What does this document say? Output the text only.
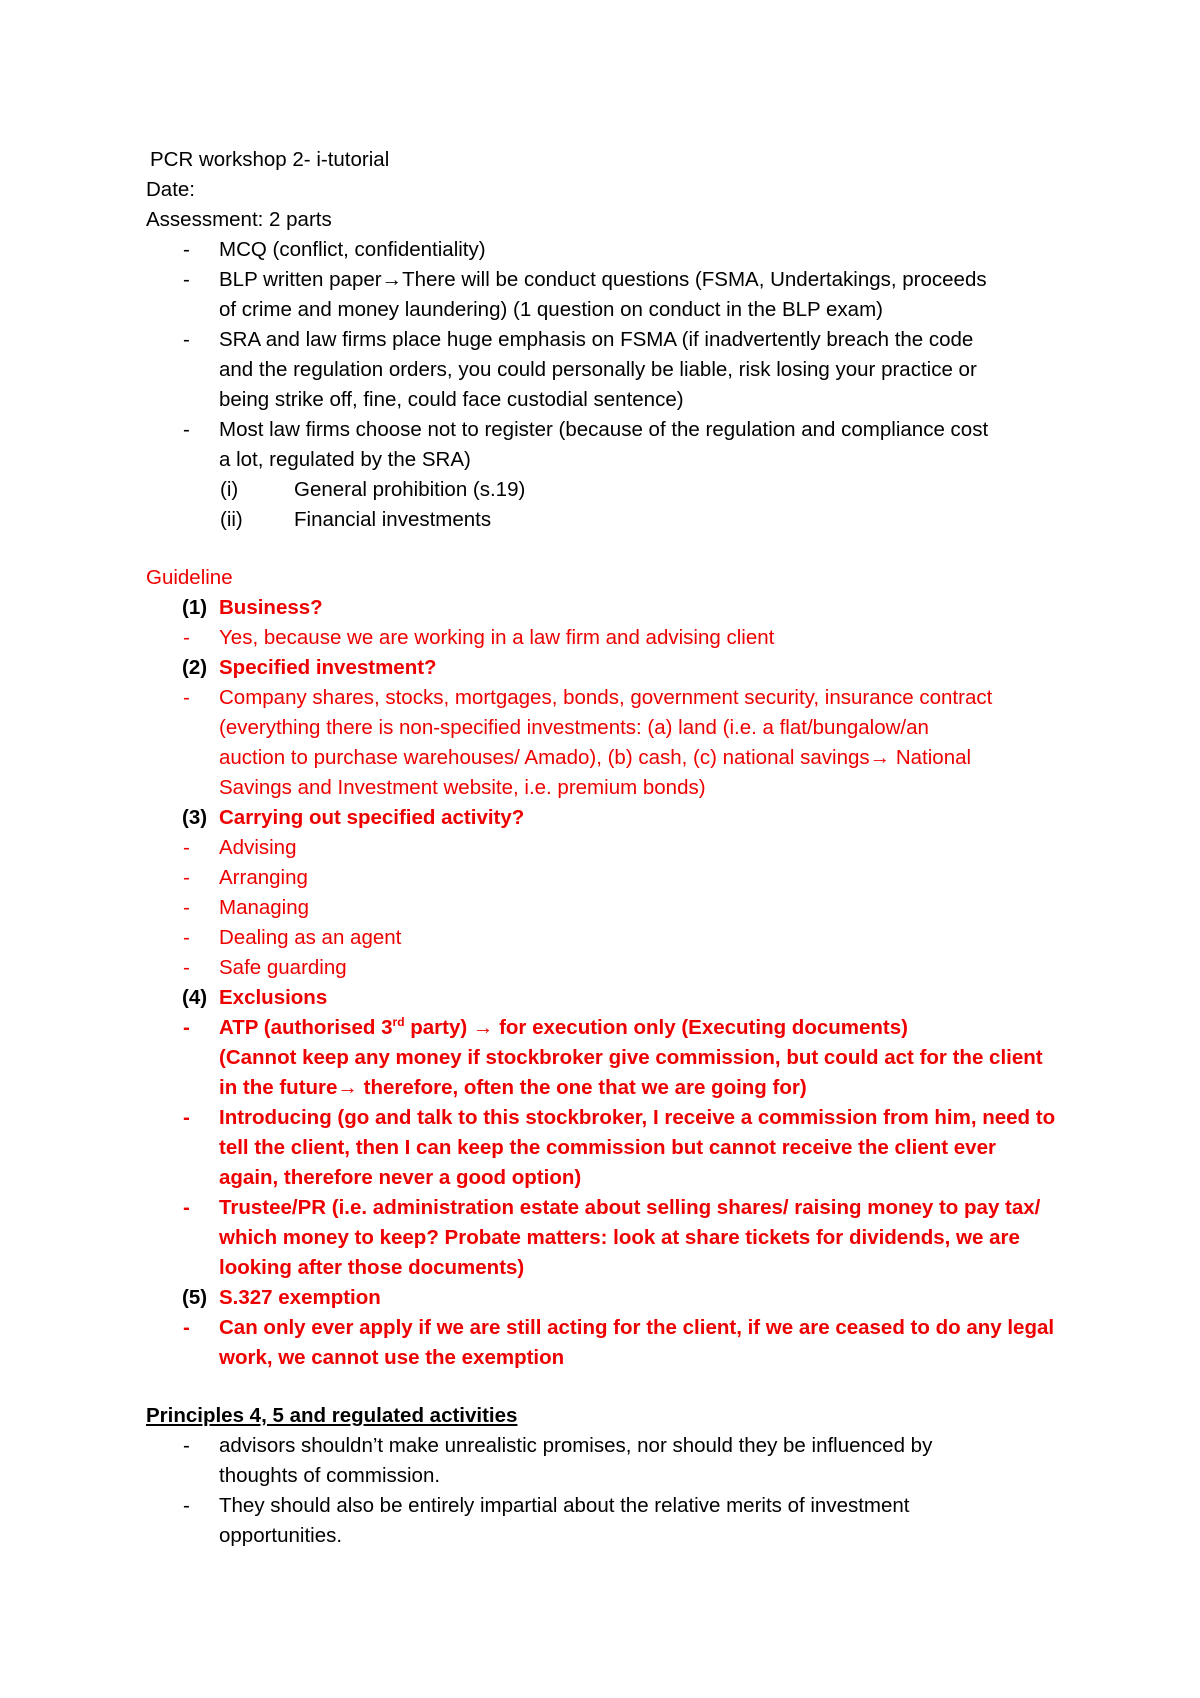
PCR workshop 2- i-tutorial
Date:
Assessment: 2 parts
-	MCQ (conflict, confidentiality)
-	BLP written paper→There will be conduct questions (FSMA, Undertakings, proceeds
of crime and money laundering) (1 question on conduct in the BLP exam)
-	SRA and law firms place huge emphasis on FSMA (if inadvertently breach the code
and the regulation orders, you could personally be liable, risk losing your practice or
being strike off, fine, could face custodial sentence)
-	Most law firms choose not to register (because of the regulation and compliance cost
a lot, regulated by the SRA)
(i)	General prohibition (s.19)
(ii)	Financial investments
Guideline
(1) Business?
-	Yes, because we are working in a law firm and advising client
(2) Specified investment?
-	Company shares, stocks, mortgages, bonds, government security, insurance contract
(everything there is non-specified investments: (a) land (i.e. a flat/bungalow/an
auction to purchase warehouses/ Amado), (b) cash, (c) national savings→ National
Savings and Investment website, i.e. premium bonds)
(3) Carrying out specified activity?
-	Advising
-	Arranging
-	Managing
-	Dealing as an agent
-	Safe guarding
(4) Exclusions
-	ATP (authorised 3rd party) → for execution only (Executing documents)
(Cannot keep any money if stockbroker give commission, but could act for the client
in the future→ therefore, often the one that we are going for)
-	Introducing (go and talk to this stockbroker, I receive a commission from him, need to
tell the client, then I can keep the commission but cannot receive the client ever
again, therefore never a good option)
-	Trustee/PR (i.e. administration estate about selling shares/ raising money to pay tax/
which money to keep? Probate matters: look at share tickets for dividends, we are
looking after those documents)
(5) S.327 exemption
-	Can only ever apply if we are still acting for the client, if we are ceased to do any legal
work, we cannot use the exemption
Principles 4, 5 and regulated activities
-	advisors shouldn’t make unrealistic promises, nor should they be influenced by
thoughts of commission.
-	They should also be entirely impartial about the relative merits of investment
opportunities.
